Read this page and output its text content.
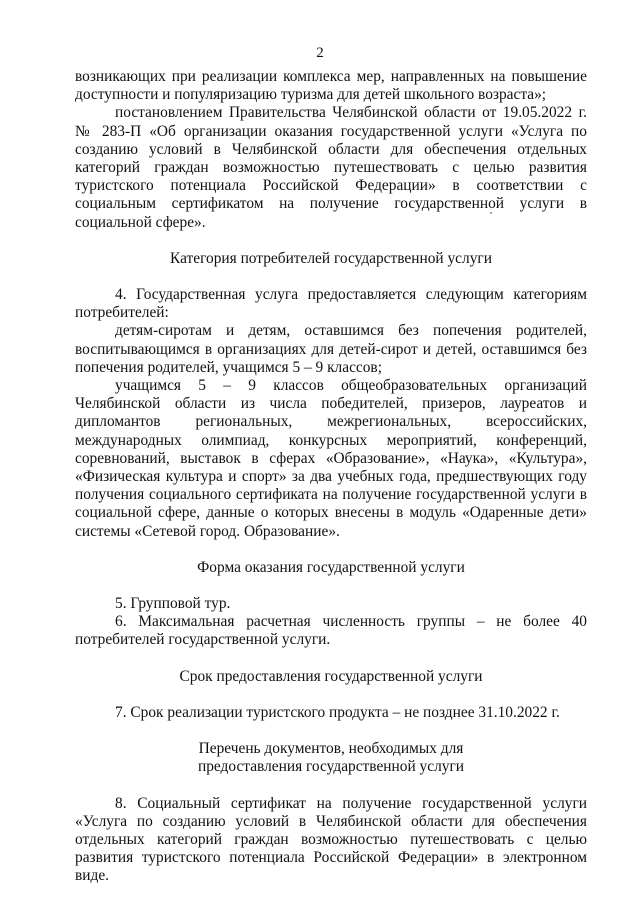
2

возникающих при реализации комплекса мер, направленных на повышение доступности и популяризацию туризма для детей школьного возраста»;

постановлением Правительства Челябинской области от 19.05.2022 г. № 283-П «Об организации оказания государственной услуги «Услуга по созданию условий в Челябинской области для обеспечения отдельных категорий граждан возможностью путешествовать с целью развития туристского потенциала Российской Федерации» в соответствии с социальным сертификатом на получение государственной услуги в социальной сфере».

Категория потребителей государственной услуги

4. Государственная услуга предоставляется следующим категориям потребителей:

детям-сиротам и детям, оставшимся без попечения родителей, воспитывающимся в организациях для детей-сирот и детей, оставшимся без попечения родителей, учащимся 5 – 9 классов;

учащимся 5 – 9 классов общеобразовательных организаций Челябинской области из числа победителей, призеров, лауреатов и дипломантов региональных, межрегиональных, всероссийских, международных олимпиад, конкурсных мероприятий, конференций, соревнований, выставок в сферах «Образование», «Наука», «Культура», «Физическая культура и спорт» за два учебных года, предшествующих году получения социального сертификата на получение государственной услуги в социальной сфере, данные о которых внесены в модуль «Одаренные дети» системы «Сетевой город. Образование».

Форма оказания государственной услуги

5. Групповой тур.

6. Максимальная расчетная численность группы – не более 40 потребителей государственной услуги.

Срок предоставления государственной услуги

7. Срок реализации туристского продукта – не позднее 31.10.2022 г.

Перечень документов, необходимых для предоставления государственной услуги

8. Социальный сертификат на получение государственной услуги «Услуга по созданию условий в Челябинской области для обеспечения отдельных категорий граждан возможностью путешествовать с целью развития туристского потенциала Российской Федерации» в электронном виде.
